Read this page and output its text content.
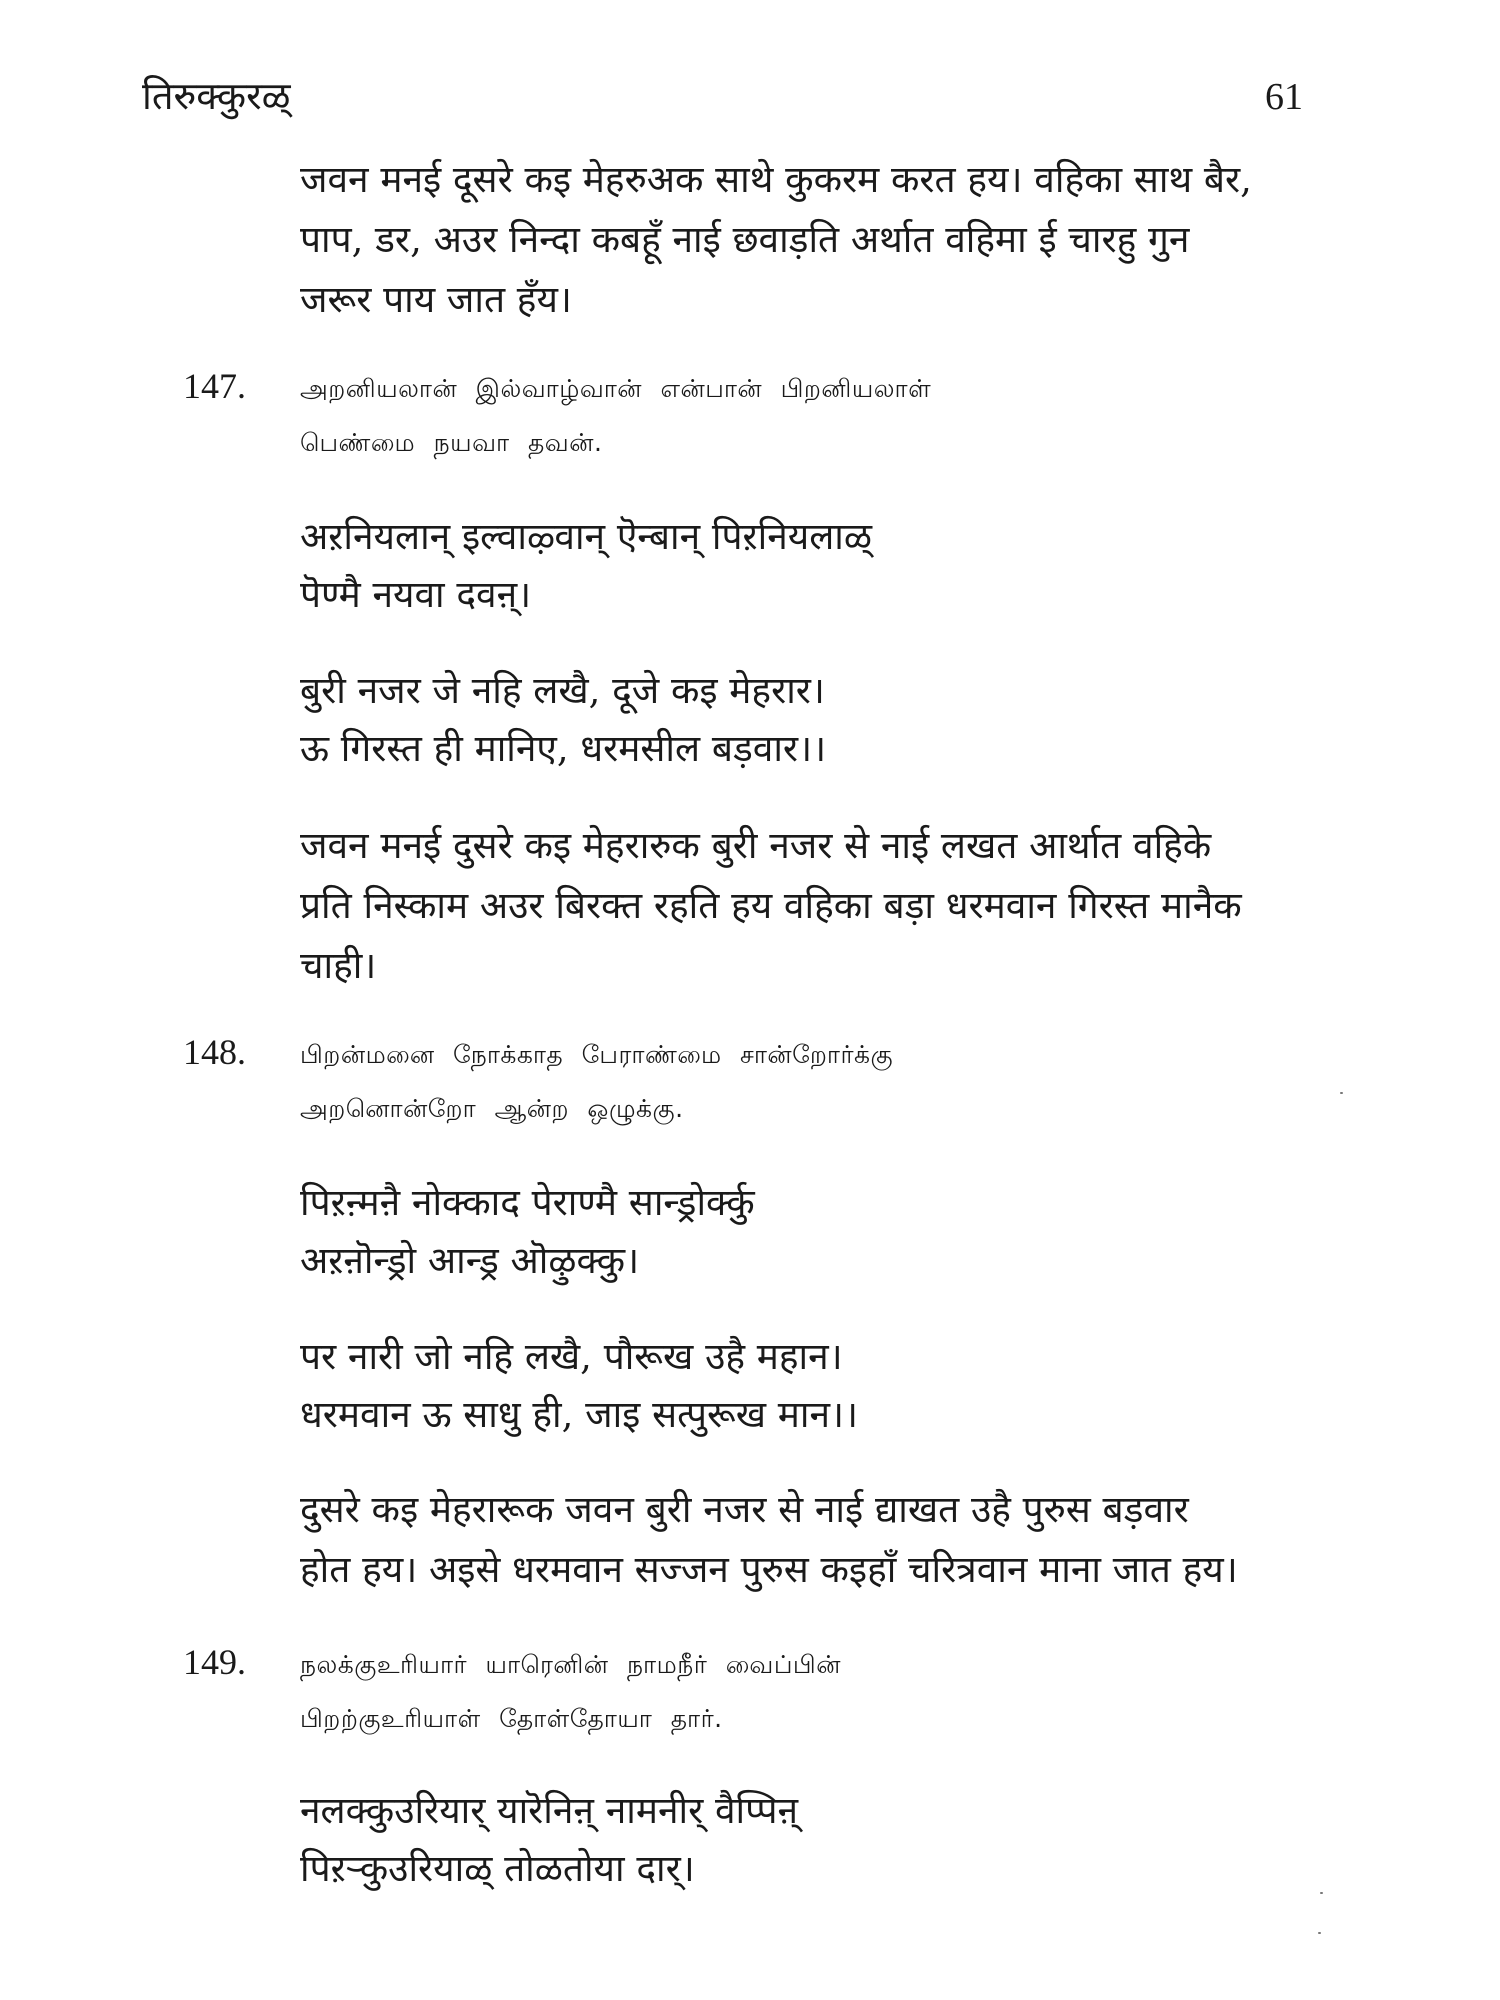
तिरुक्कुरळ्	61
जवन मनई दूसरे कइ मेहरुअक साथे कुकरम करत हय। वहिका साथ बैर,
पाप, डर, अउर निन्दा कबहूँ नाई छवाड़ति अर्थात वहिमा ई चारहु गुन
जरूर पाय जात हँय।
147. அறனியலான் இல்வாழ்வான் என்பான் பிறனியலாள்
பெண்மை நயவா தவன்.
अऱनियलान् इल्वाऴ्वान् ऎन्बान् पिऱनियलाळ्
पॆण्मै नयवा दवऩ्।
बुरी नजर जे नहि लखै, दूजे कइ मेहरार।
ऊ गिरस्त ही मानिए, धरमसील बड़वार।।
जवन मनई दुसरे कइ मेहरारुक बुरी नजर से नाई लखत आर्थात वहिके
प्रति निस्काम अउर बिरक्त रहति हय वहिका बड़ा धरमवान गिरस्त मानैक
चाही।
148. பிறன்மனை நோக்காத பேராண்மை சான்றோர்க்கு
அறனொன்றோ ஆன்ற ஒழுக்கு.
पिऱऩ्मऩै नोक्काद पेराण्मै सान्ड्रोर्क्कु
अऱऩॊन्ड्रो आन्ड्र ऒऴुक्कु।
पर नारी जो नहि लखै, पौरूख उहै महान।
धरमवान ऊ साधु ही, जाइ सत्पुरूख मान।।
दुसरे कइ मेहरारूक जवन बुरी नजर से नाई द्याखत उहै पुरुस बड़वार
होत हय। अइसे धरमवान सज्जन पुरुस कइहाँ चरित्रवान माना जात हय।
149. நலக்குஉரியார் யாரெனின் நாமநீர் வைப்பின்
பிறற்குஉரியாள் தோள்தோயா தார்.
नलक्कुउरियार् यारॆनिऩ् नामनीर् वैप्पिऩ्
पिऱऱ्कुउरियाळ् तोळतोया दार्।
